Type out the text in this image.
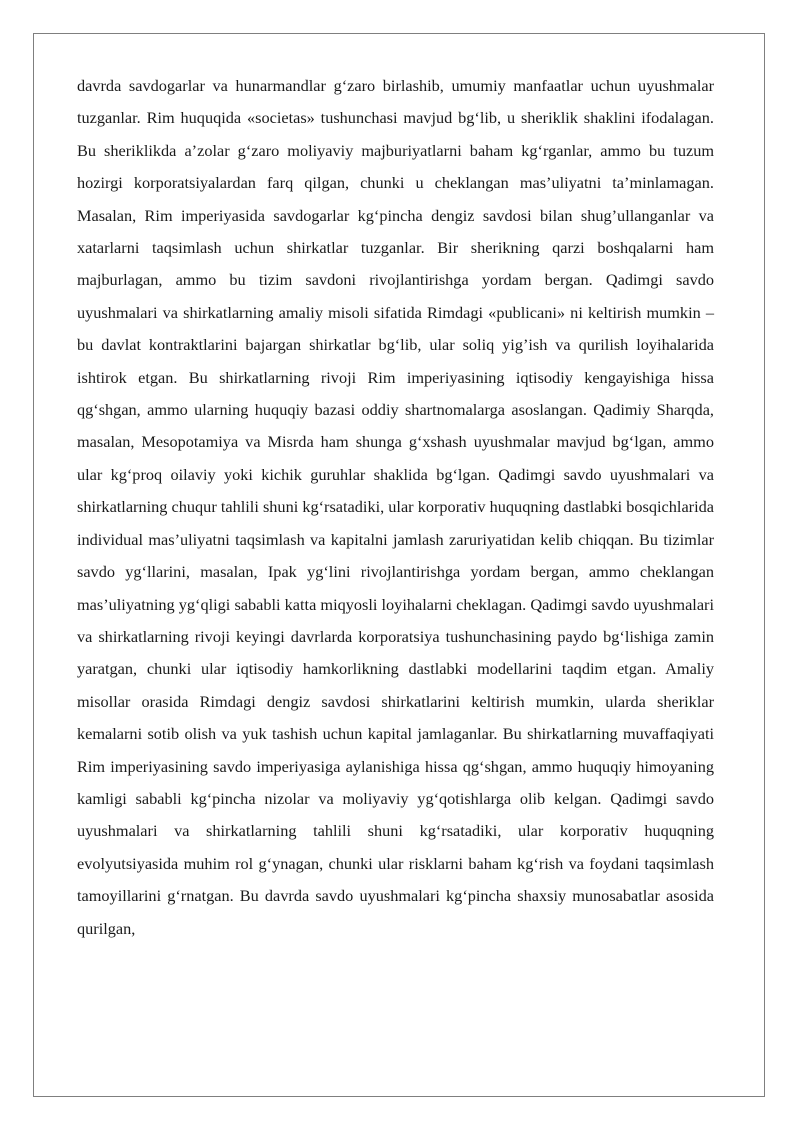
davrda savdogarlar va hunarmandlar g‘zaro birlashib, umumiy manfaatlar uchun uyushmalar tuzganlar. Rim huquqida «societas» tushunchasi mavjud bg‘lib, u sheriklik shaklini ifodalagan. Bu sheriklikda a’zolar g‘zaro moliyaviy majburiyatlarni baham kg‘rganlar, ammo bu tuzum hozirgi korporatsiyalardan farq qilgan, chunki u cheklangan mas’uliyatni ta’minlamagan. Masalan, Rim imperiyasida savdogarlar kg‘pincha dengiz savdosi bilan shug’ullanganlar va xatarlarni taqsimlash uchun shirkatlar tuzganlar. Bir sherikning qarzi boshqalarni ham majburlagan, ammo bu tizim savdoni rivojlantirishga yordam bergan. Qadimgi savdo uyushmalari va shirkatlarning amaliy misoli sifatida Rimdagi «publicani» ni keltirish mumkin – bu davlat kontraktlarini bajargan shirkatlar bg‘lib, ular soliq yig’ish va qurilish loyihalarida ishtirok etgan. Bu shirkatlarning rivoji Rim imperiyasining iqtisodiy kengayishiga hissa qg‘shgan, ammo ularning huquqiy bazasi oddiy shartnomalarga asoslangan. Qadimiy Sharqda, masalan, Mesopotamiya va Misrda ham shunga g‘xshash uyushmalar mavjud bg‘lgan, ammo ular kg‘proq oilaviy yoki kichik guruhlar shaklida bg‘lgan. Qadimgi savdo uyushmalari va shirkatlarning chuqur tahlili shuni kg‘rsatadiki, ular korporativ huquqning dastlabki bosqichlarida individual mas’uliyatni taqsimlash va kapitalni jamlash zaruriyatidan kelib chiqqan. Bu tizimlar savdo yg‘llarini, masalan, Ipak yg‘lini rivojlantirishga yordam bergan, ammo cheklangan mas’uliyatning yg‘qligi sababli katta miqyosli loyihalarni cheklagan. Qadimgi savdo uyushmalari va shirkatlarning rivoji keyingi davrlarda korporatsiya tushunchasining paydo bg‘lishiga zamin yaratgan, chunki ular iqtisodiy hamkorlikning dastlabki modellarini taqdim etgan. Amaliy misollar orasida Rimdagi dengiz savdosi shirkatlarini keltirish mumkin, ularda sheriklar kemalarni sotib olish va yuk tashish uchun kapital jamlaganlar. Bu shirkatlarning muvaffaqiyati Rim imperiyasining savdo imperiyasiga aylanishiga hissa qg‘shgan, ammo huquqiy himoyaning kamligi sababli kg‘pincha nizolar va moliyaviy yg‘qotishlarga olib kelgan. Qadimgi savdo uyushmalari va shirkatlarning tahlili shuni kg‘rsatadiki, ular korporativ huquqning evolyutsiyasida muhim rol g‘ynagan, chunki ular risklarni baham kg‘rish va foydani taqsimlash tamoyillarini g‘rnatgan. Bu davrda savdo uyushmalari kg‘pincha shaxsiy munosabatlar asosida qurilgan,
